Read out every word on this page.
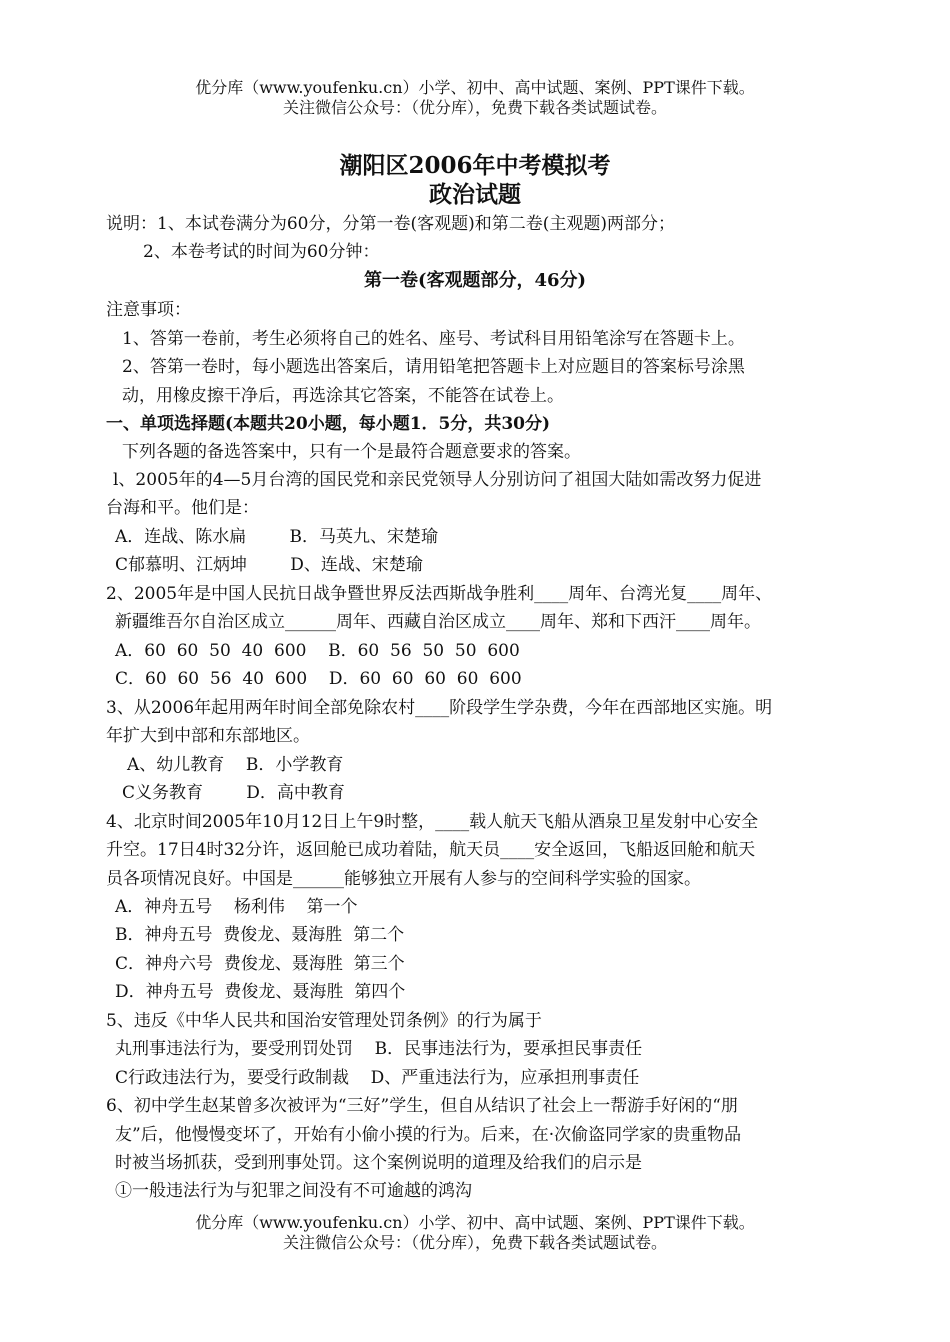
优分库（www.youfenku.cn）小学、初中、高中试题、案例、PPT课件下载。
关注微信公众号：（优分库），免费下载各类试题试卷。
潮阳区2006年中考模拟考
政治试题
说明：1、本试卷满分为60分，分第一卷(客观题)和第二卷(主观题)两部分；
2、本卷考试的时间为60分钟：
第一卷(客观题部分，46分)
注意事项：
1、答第一卷前，考生必须将自己的姓名、座号、考试科目用铅笔涂写在答题卡上。
2、答第一卷时，每小题选出答案后，请用铅笔把答题卡上对应题目的答案标号涂黑
动，用橡皮擦干净后，再选涂其它答案，不能答在试卷上。
一、单项选择题(本题共20小题，每小题1．5分，共30分)
下列各题的备选答案中，只有一个是最符合题意要求的答案。
l、2005年的4—5月台湾的国民党和亲民党领导人分别访问了祖国大陆如需改努力促进
台海和平。他们是：
A．连战、陈水扁        B．马英九、宋楚瑜
C郁慕明、江炳坤        D、连战、宋楚瑜
2、2005年是中国人民抗日战争暨世界反法西斯战争胜利____周年、台湾光复____周年、
新疆维吾尔自治区成立______周年、西藏自治区成立____周年、郑和下西汗____周年。
A．60  60  50  40  600    B．60  56  50  50  600
C．60  60  56  40  600    D．60  60  60  60  600
3、从2006年起用两年时间全部免除农村____阶段学生学杂费，今年在西部地区实施。明
年扩大到中部和东部地区。
A、幼儿教育    B．小学教育
C义务教育        D．高中教育
4、北京时间2005年10月12日上午9时整，____载人航天飞船从酒泉卫星发射中心安全
升空。17日4时32分许，返回舱已成功着陆，航天员____安全返回，飞船返回舱和航天
员各项情况良好。中国是______能够独立开展有人参与的空间科学实验的国家。
A．神舟五号    杨利伟    第一个
B．神舟五号  费俊龙、聂海胜  第二个
C．神舟六号  费俊龙、聂海胜  第三个
D．神舟五号  费俊龙、聂海胜  第四个
5、违反《中华人民共和国治安管理处罚条例》的行为属于
丸刑事违法行为，要受刑罚处罚    B．民事违法行为，要承担民事责任
C行政违法行为，要受行政制裁    D、严重违法行为，应承担刑事责任
6、初中学生赵某曾多次被评为“三好”学生，但自从结识了社会上一帮游手好闲的“朋
友”后，他慢慢变坏了，开始有小偷小摸的行为。后来，在·次偷盗同学家的贵重物品
时被当场抓获，受到刑事处罚。这个案例说明的道理及给我们的启示是
①一般违法行为与犯罪之间没有不可逾越的鸿沟
优分库（www.youfenku.cn）小学、初中、高中试题、案例、PPT课件下载。
关注微信公众号：（优分库），免费下载各类试题试卷。
